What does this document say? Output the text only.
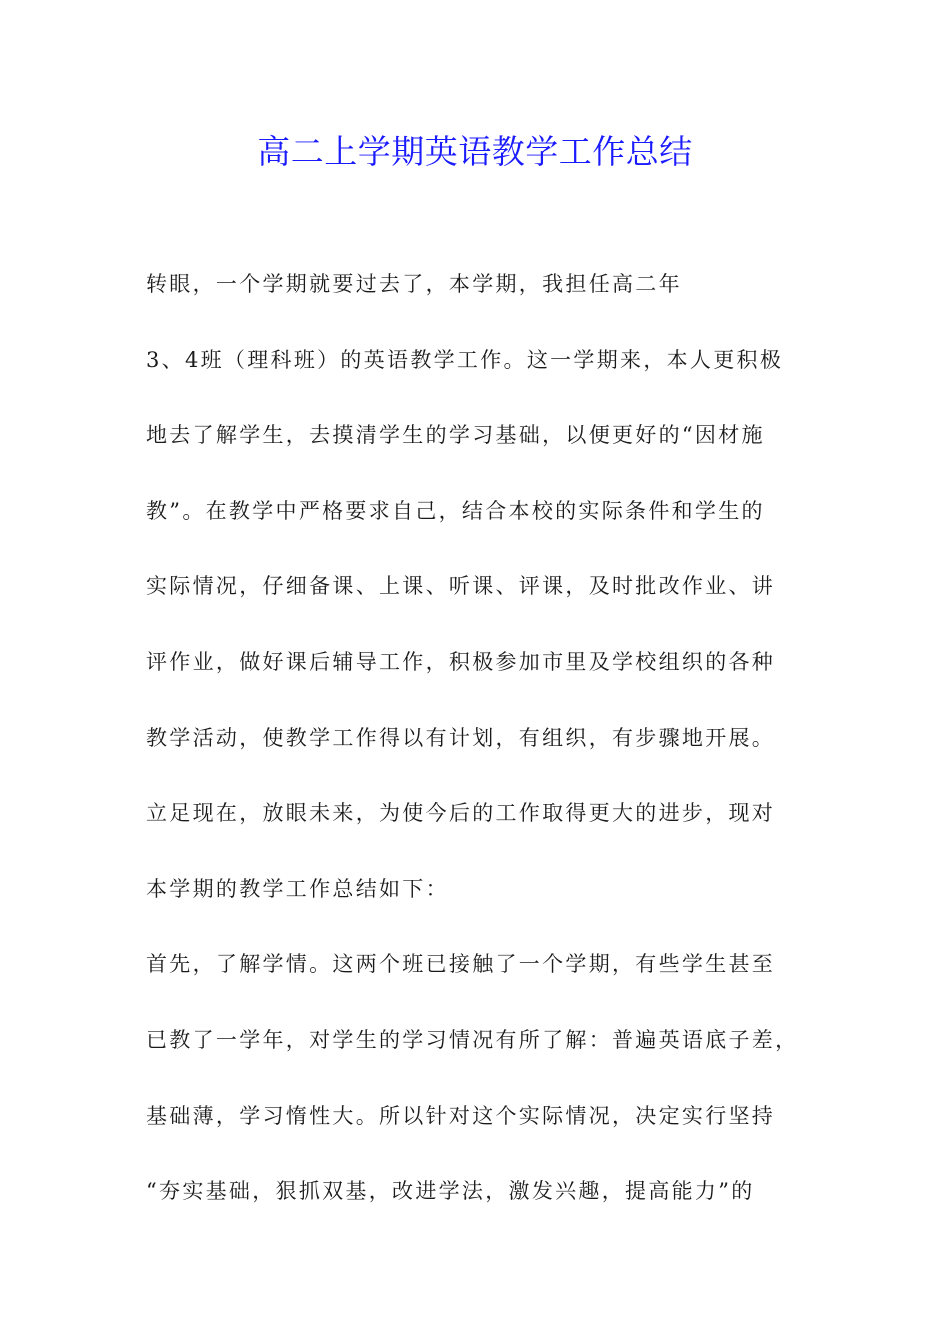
高二上学期英语教学工作总结
转眼，一个学期就要过去了，本学期，我担任高二年
3、4班（理科班）的英语教学工作。这一学期来，本人更积极
地去了解学生，去摸清学生的学习基础，以便更好的“因材施
教”。在教学中严格要求自己，结合本校的实际条件和学生的
实际情况，仔细备课、上课、听课、评课，及时批改作业、讲
评作业，做好课后辅导工作，积极参加市里及学校组织的各种
教学活动，使教学工作得以有计划，有组织，有步骤地开展。
立足现在，放眼未来，为使今后的工作取得更大的进步，现对
本学期的教学工作总结如下：
首先，了解学情。这两个班已接触了一个学期，有些学生甚至
已教了一学年，对学生的学习情况有所了解：普遍英语底子差，
基础薄，学习惰性大。所以针对这个实际情况，决定实行坚持
“夯实基础，狠抓双基，改进学法，激发兴趣，提高能力”的
